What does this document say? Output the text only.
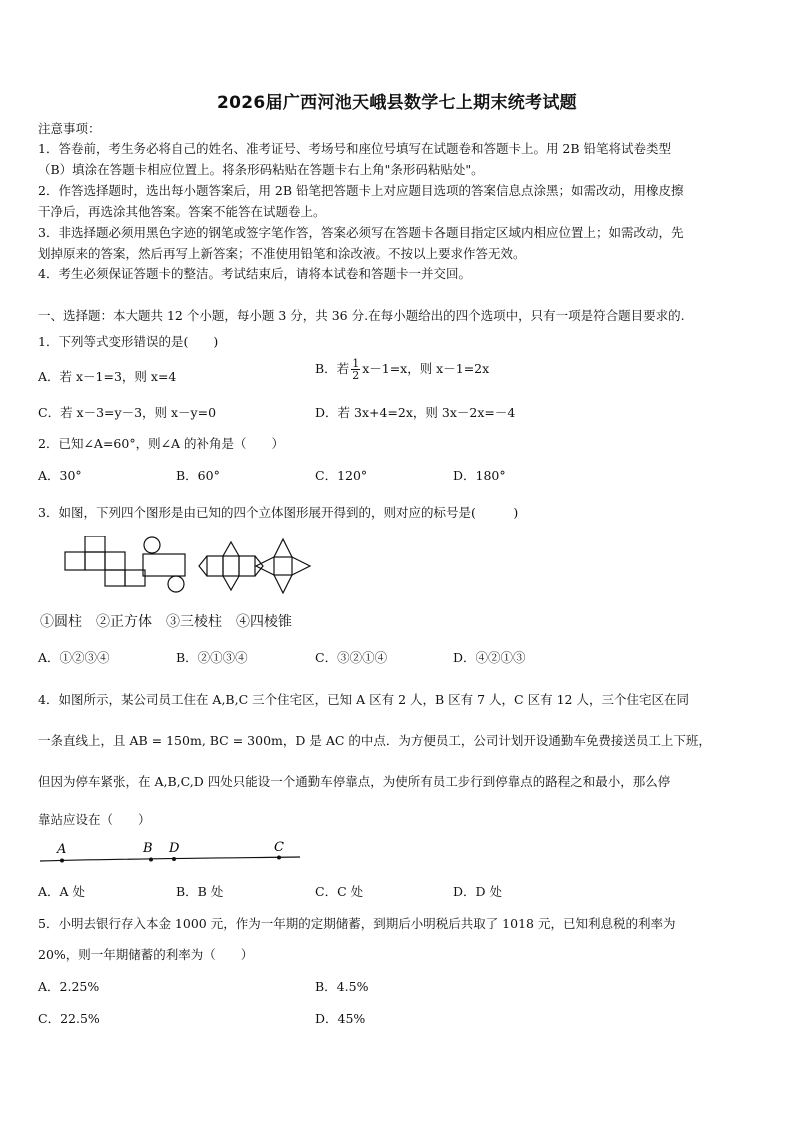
2026届广西河池天峨县数学七上期末统考试题
注意事项：
1．答卷前，考生务必将自己的姓名、准考证号、考场号和座位号填写在试题卷和答题卡上。用 2B 铅笔将试卷类型
（B）填涂在答题卡相应位置上。将条形码粘贴在答题卡右上角"条形码粘贴处"。
2．作答选择题时，选出每小题答案后，用 2B 铅笔把答题卡上对应题目选项的答案信息点涂黑；如需改动，用橡皮擦
干净后，再选涂其他答案。答案不能答在试题卷上。
3．非选择题必须用黑色字迹的钢笔或签字笔作答，答案必须写在答题卡各题目指定区域内相应位置上；如需改动，先
划掉原来的答案，然后再写上新答案；不准使用铅笔和涂改液。不按以上要求作答无效。
4．考生必须保证答题卡的整洁。考试结束后，请将本试卷和答题卡一并交回。
一、选择题：本大题共 12 个小题，每小题 3 分，共 36 分.在每小题给出的四个选项中，只有一项是符合题目要求的.
1．下列等式变形错误的是(　　)
A．若 x－1=3，则 x=4
B．若 $\frac{1}{2} x-1=x$，则 x－1=2x
C．若 x－3=y－3，则 x－y=0	D．若 3x+4=2x，则 3x－2x=－4
2．已知∠A=60°，则∠A 的补角是（　　）
A．30°	B．60°	C．120°	D．180°
3．如图，下列四个图形是由已知的四个立体图形展开得到的，则对应的标号是(　　　)
①圆柱　②正方体　③三棱柱　④四棱锥
A．①②③④	B．②①③④	C．③②①④	D．④②①③
4．如图所示，某公司员工住在 A,B,C 三个住宅区，已知 A 区有 2 人，B 区有 7 人，C 区有 12 人，三个住宅区在同
一条直线上，且 AB = 150m, BC = 300m，D 是 AC 的中点．为方便员工，公司计划开设通勤车免费接送员工上下班，
但因为停车紧张，在 A,B,C,D 四处只能设一个通勤车停靠点，为使所有员工步行到停靠点的路程之和最小，那么停
靠站应设在（　　）
A	B D	C
A．A 处	B．B 处	C．C 处	D．D 处
5．小明去银行存入本金 1000 元，作为一年期的定期储蓄，到期后小明税后共取了 1018 元，已知利息税的利率为
20%，则一年期储蓄的利率为（　　）
A．2.25%	B．4.5%
C．22.5%	D．45%
